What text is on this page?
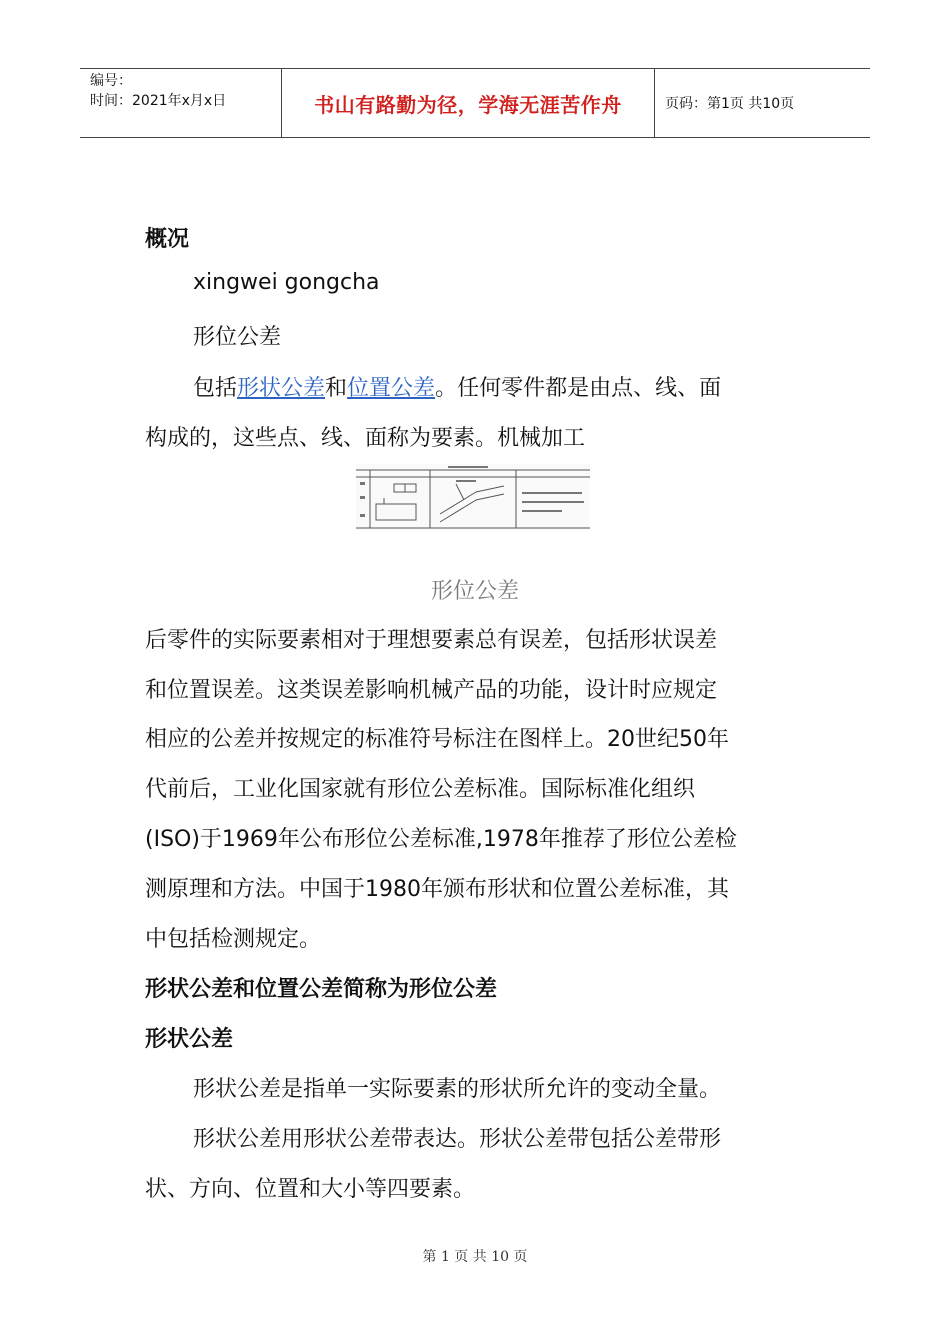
编号：
时间：2021年x月x日	书山有路勤为径，学海无涯苦作舟	页码：第1页 共10页
概况
xingwei gongcha
形位公差
包括形状公差和位置公差。任何零件都是由点、线、面
构成的，这些点、线、面称为要素。机械加工
形位公差
后零件的实际要素相对于理想要素总有误差，包括形状误差
和位置误差。这类误差影响机械产品的功能，设计时应规定
相应的公差并按规定的标准符号标注在图样上。20世纪50年
代前后，工业化国家就有形位公差标准。国际标准化组织
(ISO)于1969年公布形位公差标准,1978年推荐了形位公差检
测原理和方法。中国于1980年颁布形状和位置公差标准，其
中包括检测规定。
形状公差和位置公差简称为形位公差
形状公差
形状公差是指单一实际要素的形状所允许的变动全量。
形状公差用形状公差带表达。形状公差带包括公差带形
状、方向、位置和大小等四要素。
第 1 页 共 10 页
